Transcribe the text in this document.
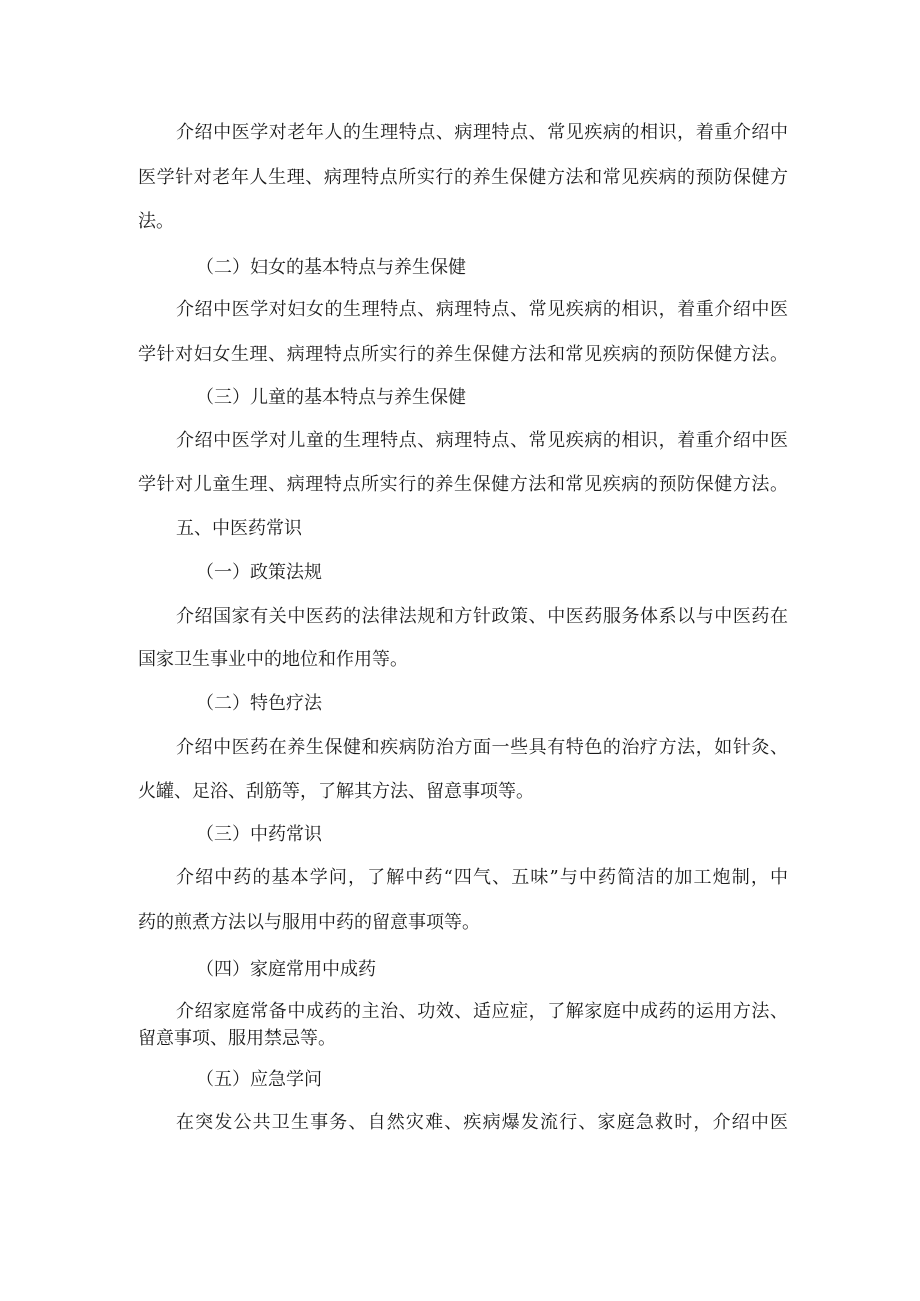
介绍中医学对老年人的生理特点、病理特点、常见疾病的相识，着重介绍中
医学针对老年人生理、病理特点所实行的养生保健方法和常见疾病的预防保健方
法。
（二）妇女的基本特点与养生保健
介绍中医学对妇女的生理特点、病理特点、常见疾病的相识，着重介绍中医
学针对妇女生理、病理特点所实行的养生保健方法和常见疾病的预防保健方法。
（三）儿童的基本特点与养生保健
介绍中医学对儿童的生理特点、病理特点、常见疾病的相识，着重介绍中医
学针对儿童生理、病理特点所实行的养生保健方法和常见疾病的预防保健方法。
五、中医药常识
（一）政策法规
介绍国家有关中医药的法律法规和方针政策、中医药服务体系以与中医药在
国家卫生事业中的地位和作用等。
（二）特色疗法
介绍中医药在养生保健和疾病防治方面一些具有特色的治疗方法，如针灸、
火罐、足浴、刮筋等，了解其方法、留意事项等。
（三）中药常识
介绍中药的基本学问，了解中药“四气、五味”与中药简洁的加工炮制，中
药的煎煮方法以与服用中药的留意事项等。
（四）家庭常用中成药
介绍家庭常备中成药的主治、功效、适应症，了解家庭中成药的运用方法、
留意事项、服用禁忌等。
（五）应急学问
在突发公共卫生事务、自然灾难、疾病爆发流行、家庭急救时，介绍中医
